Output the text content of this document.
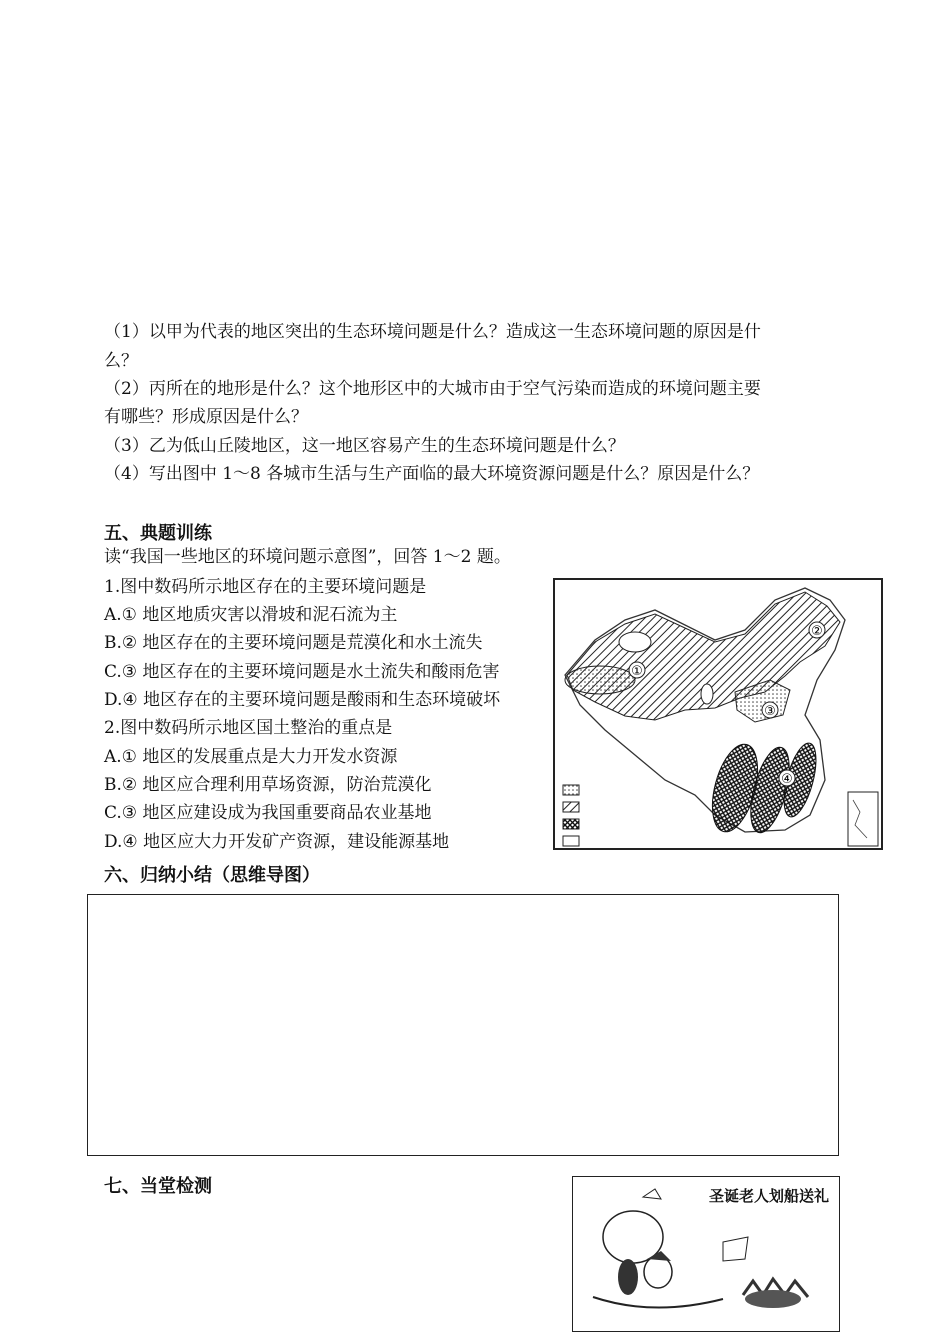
（1）以甲为代表的地区突出的生态环境问题是什么？造成这一生态环境问题的原因是什
么？
（2）丙所在的地形是什么？这个地形区中的大城市由于空气污染而造成的环境问题主要
有哪些？形成原因是什么？
（3）乙为低山丘陵地区，这一地区容易产生的生态环境问题是什么？
（4）写出图中 1～8 各城市生活与生产面临的最大环境资源问题是什么？原因是什么？
五、典题训练
读“我国一些地区的环境问题示意图”，回答 1～2 题。
1.图中数码所示地区存在的主要环境问题是
A.① 地区地质灾害以滑坡和泥石流为主
B.② 地区存在的主要环境问题是荒漠化和水土流失
C.③ 地区存在的主要环境问题是水土流失和酸雨危害
D.④ 地区存在的主要环境问题是酸雨和生态环境破坏
2.图中数码所示地区国土整治的重点是
A.① 地区的发展重点是大力开发水资源
B.② 地区应合理利用草场资源，防治荒漠化
C.③ 地区应建设成为我国重要商品农业基地
D.④ 地区应大力开发矿产资源，建设能源基地
①
②
③
④
六、归纳小结（思维导图）
七、当堂检测	圣诞老人划船送礼
